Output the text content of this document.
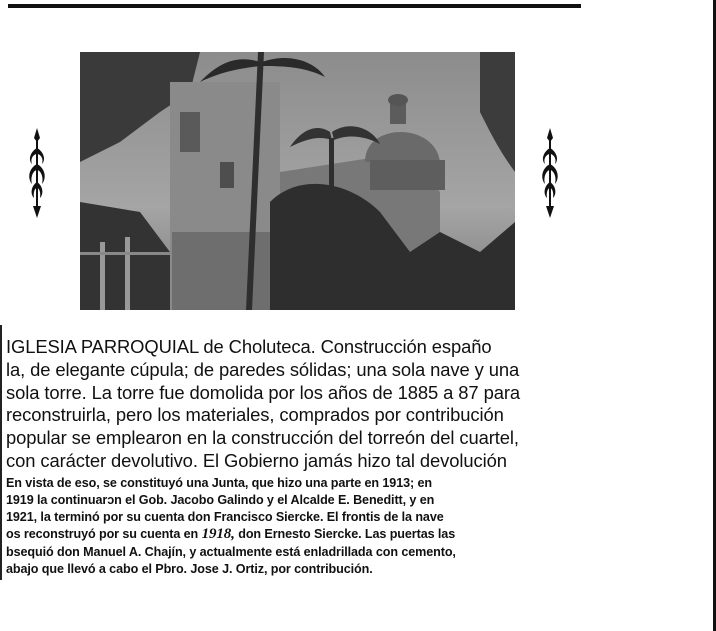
IGLESIA PARROQUIAL de Choluteca. Construcción españo
la, de elegante cúpula; de paredes sólidas; una sola nave y una
sola torre. La torre fue domolida por los años de 1885 a 87 para
reconstruirla, pero los materiales, comprados por contribución
popular se emplearon en la construcción del torreón del cuartel,
con carácter devolutivo. El Gobierno jamás hizo tal devolución

En vista de eso, se constituyó una Junta, que hizo una parte en 1913; en
1919 la continuarɔn el Gob. Jacobo Galindo y el Alcalde E. Beneditt, y en
1921, la terminó por su cuenta don Francisco Siercke. El frontis de la nave
os reconstruyó por su cuenta en 1918, don Ernesto Siercke. Las puertas las
bsequió don Manuel A. Chajín, y actualmente está enladrillada con cemento,
abajo que llevó a cabo el Pbro. Jose J. Ortiz, por contribución.
